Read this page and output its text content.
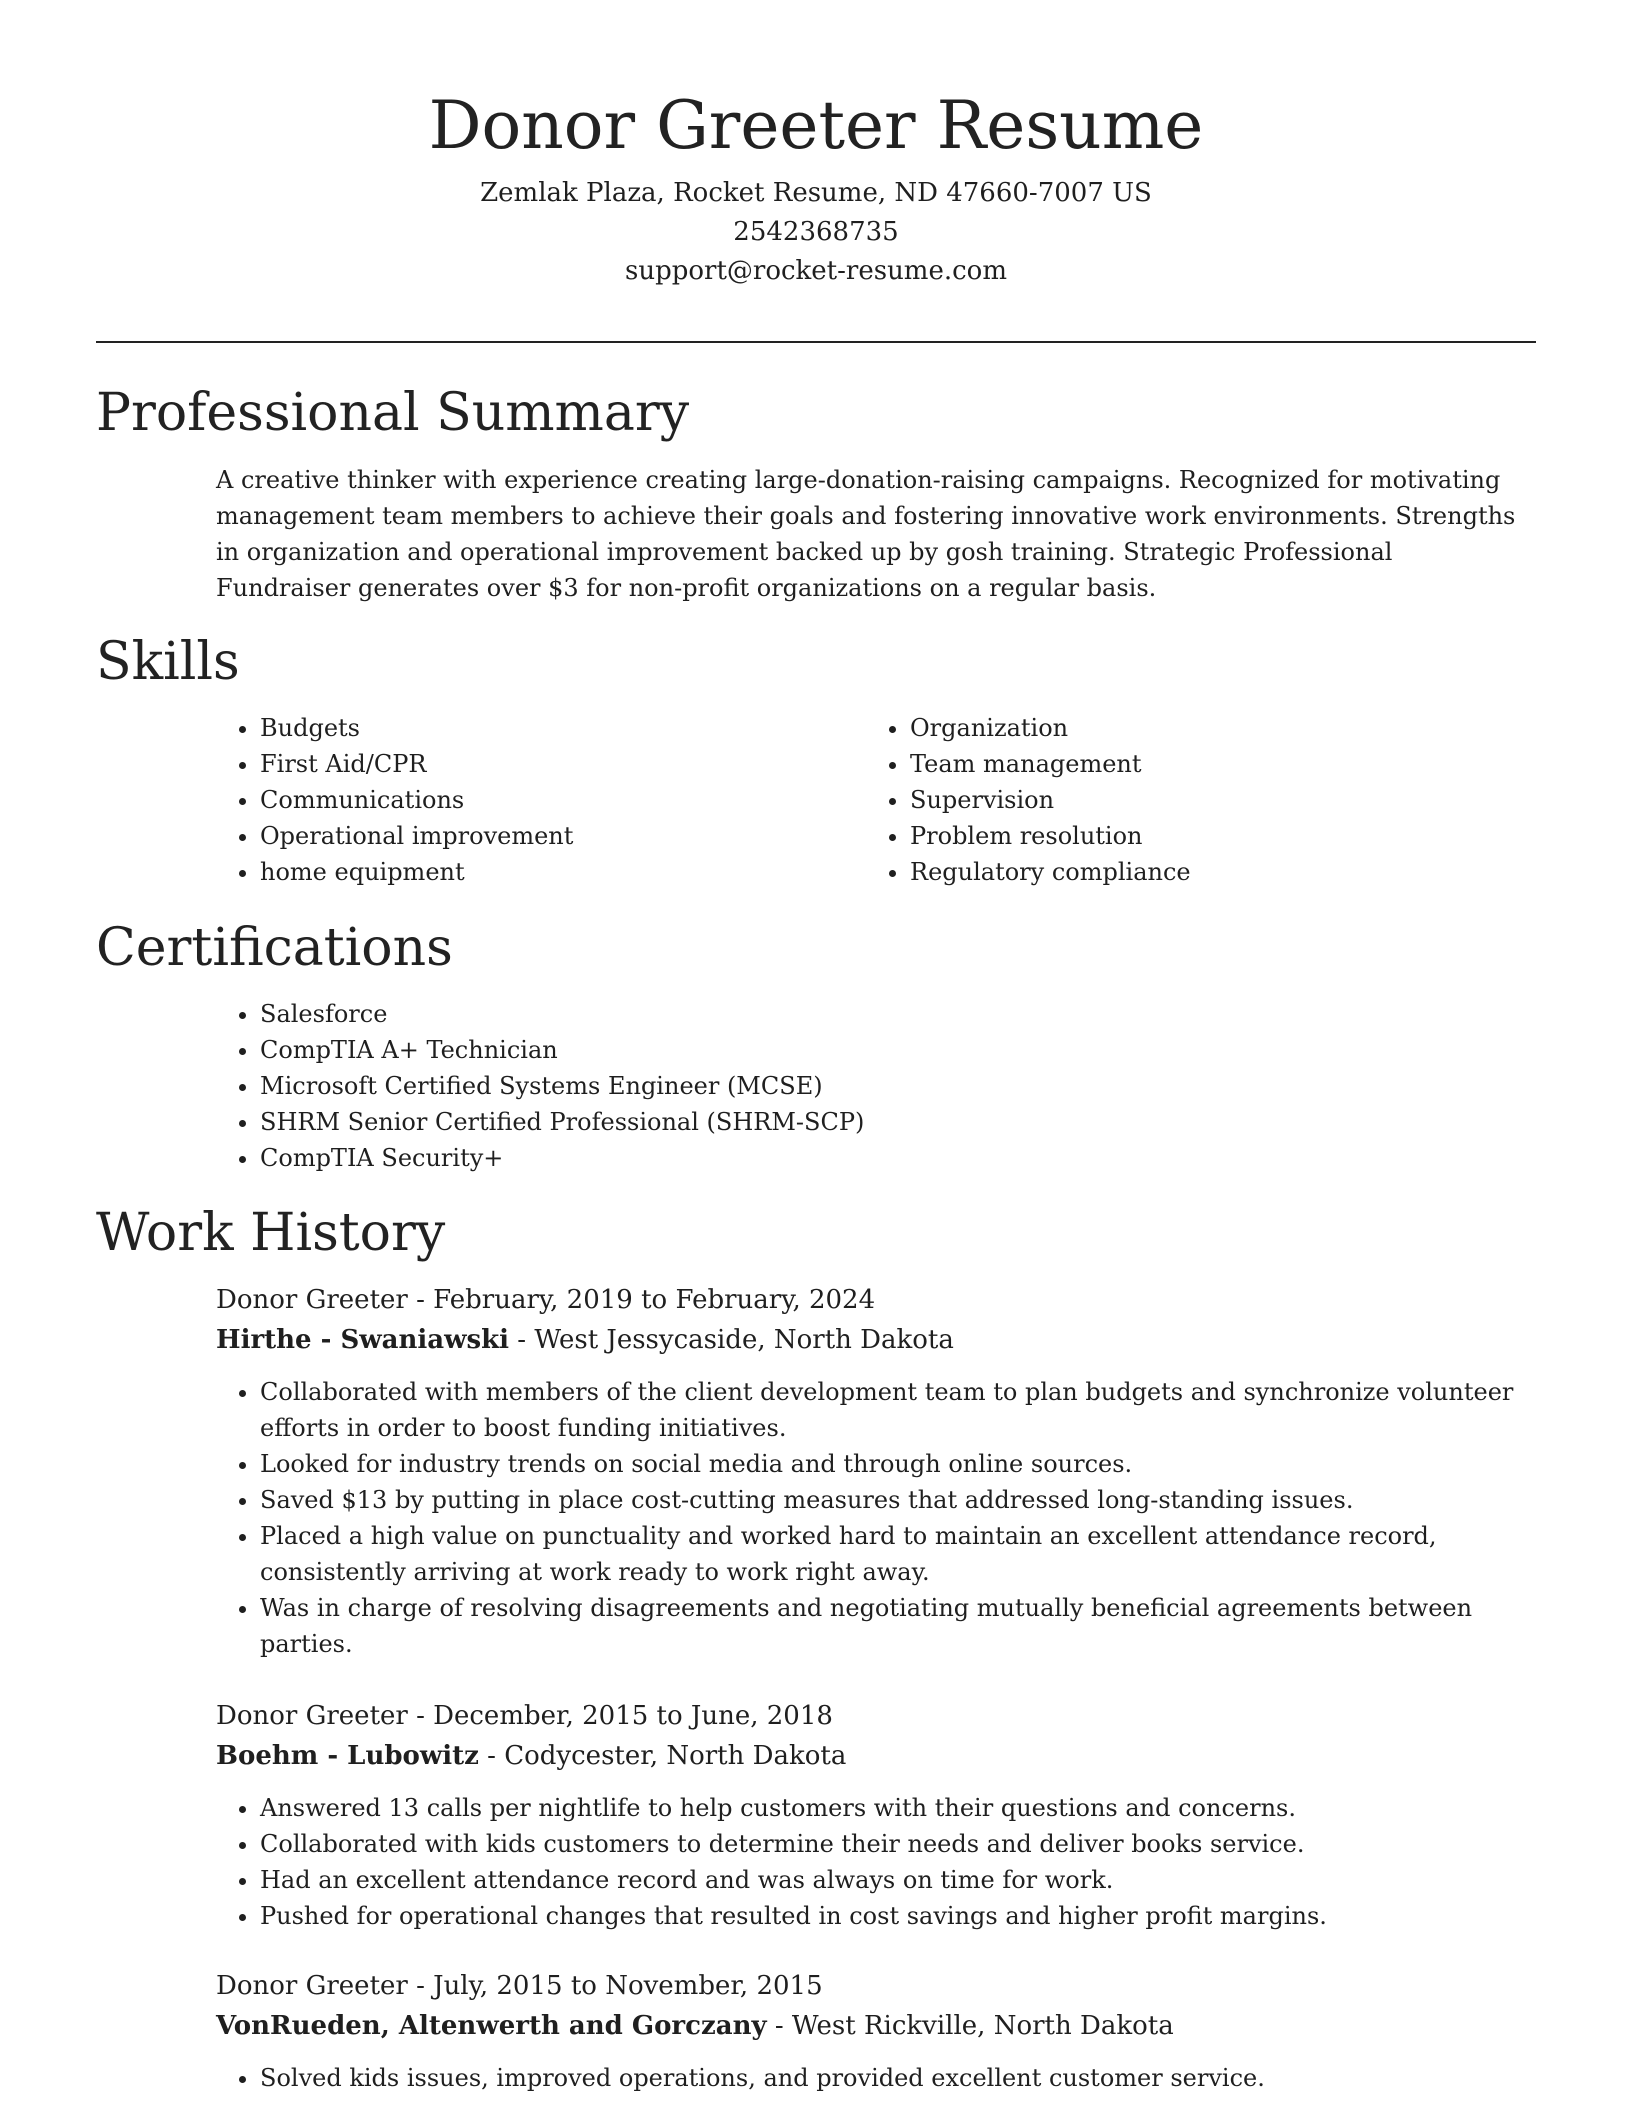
Donor Greeter Resume

Zemlak Plaza, Rocket Resume, ND 47660-7007 US

2542368735

support@rocket-resume.com

Professional Summary

A creative thinker with experience creating large-donation-raising campaigns. Recognized for motivating management team members to achieve their goals and fostering innovative work environments. Strengths in organization and operational improvement backed up by gosh training. Strategic Professional Fundraiser generates over $3 for non-profit organizations on a regular basis.

Skills
• Budgets
• First Aid/CPR
• Communications
• Operational improvement
• home equipment
• Organization
• Team management
• Supervision
• Problem resolution
• Regulatory compliance
Certifications
• Salesforce
• CompTIA A+ Technician
• Microsoft Certified Systems Engineer (MCSE)
• SHRM Senior Certified Professional (SHRM-SCP)
• CompTIA Security+
Work History

Donor Greeter - February, 2019 to February, 2024

Hirthe - Swaniawski - West Jessycaside, North Dakota

• Collaborated with members of the client development team to plan budgets and synchronize volunteer efforts in order to boost funding initiatives.
• Looked for industry trends on social media and through online sources.
• Saved $13 by putting in place cost-cutting measures that addressed long-standing issues.
• Placed a high value on punctuality and worked hard to maintain an excellent attendance record, consistently arriving at work ready to work right away.
• Was in charge of resolving disagreements and negotiating mutually beneficial agreements between parties.

Donor Greeter - December, 2015 to June, 2018

Boehm - Lubowitz - Codycester, North Dakota

• Answered 13 calls per nightlife to help customers with their questions and concerns.
• Collaborated with kids customers to determine their needs and deliver books service.
• Had an excellent attendance record and was always on time for work.
• Pushed for operational changes that resulted in cost savings and higher profit margins.

Donor Greeter - July, 2015 to November, 2015

VonRueden, Altenwerth and Gorczany - West Rickville, North Dakota

• Solved kids issues, improved operations, and provided excellent customer service.
